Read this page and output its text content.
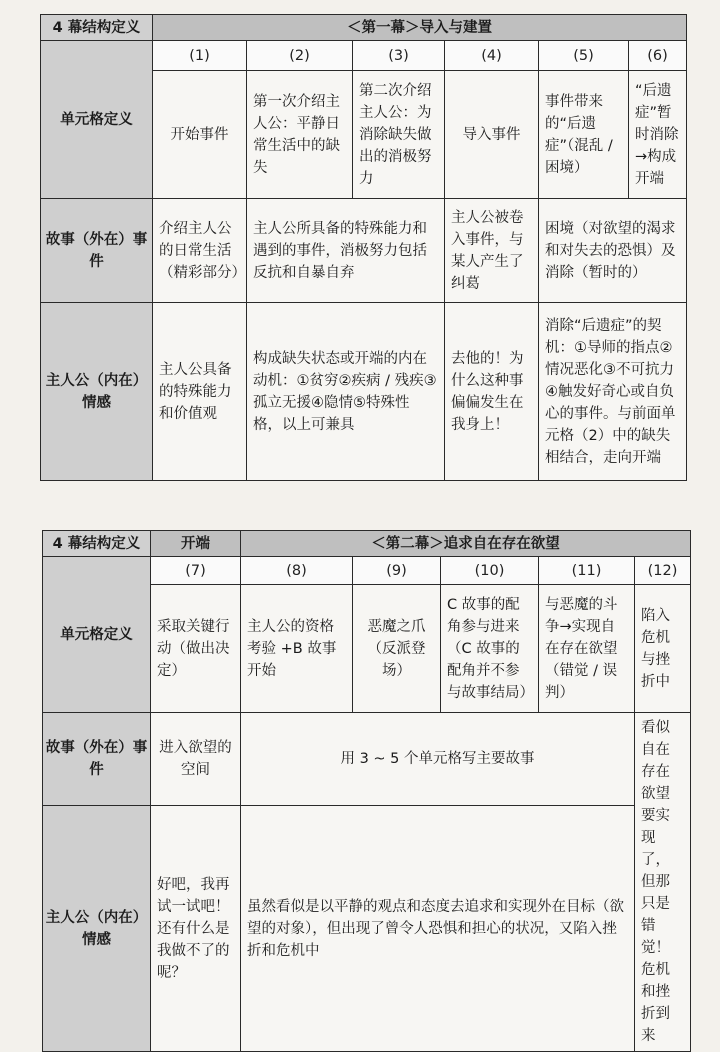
4 幕结构定义	＜第一幕＞导入与建置					
单元格定义	(1)	(2)	(3)	(4)	(5)	(6)
	开始事件	第一次介绍主人公：平静日常生活中的缺失	第二次介绍主人公：为消除缺失做出的消极努力	导入事件	事件带来的“后遗症”（混乱 / 困境）	“后遗症”暂时消除→构成开端
故事（外在）事件	介绍主人公的日常生活（精彩部分）	主人公所具备的特殊能力和遇到的事件，消极努力包括反抗和自暴自弃		主人公被卷入事件，与某人产生了纠葛	困境（对欲望的渴求和对失去的恐惧）及消除（暂时的）	
主人公（内在）情感	主人公具备的特殊能力和价值观	构成缺失状态或开端的内在动机：①贫穷②疾病 / 残疾③孤立无援④隐情⑤特殊性格，以上可兼具		去他的！为什么这种事偏偏发生在我身上！	消除“后遗症”的契机：①导师的指点②情况恶化③不可抗力④触发好奇心或自负心的事件。与前面单元格（2）中的缺失相结合，走向开端	
4 幕结构定义	开端	＜第二幕＞追求自在存在欲望				
单元格定义	(7)	(8)	(9)	(10)	(11)	(12)
	采取关键行动（做出决定）	主人公的资格考验 +B 故事开始	恶魔之爪（反派登场）	C 故事的配角参与进来（C 故事的配角并不参与故事结局）	与恶魔的斗争→实现自在存在欲望（错觉 / 误判）	陷入危机与挫折中
故事（外在）事件	进入欲望的空间	用 3 ~ 5 个单元格写主要故事				看似自在存在欲望要实现了，但那只是错觉！危机和挫折到来
主人公（内在）情感	好吧，我再试一试吧！还有什么是我做不了的呢？	虽然看似是以平静的观点和态度去追求和实现外在目标（欲望的对象），但出现了曾令人恐惧和担心的状况，又陷入挫折和危机中				
